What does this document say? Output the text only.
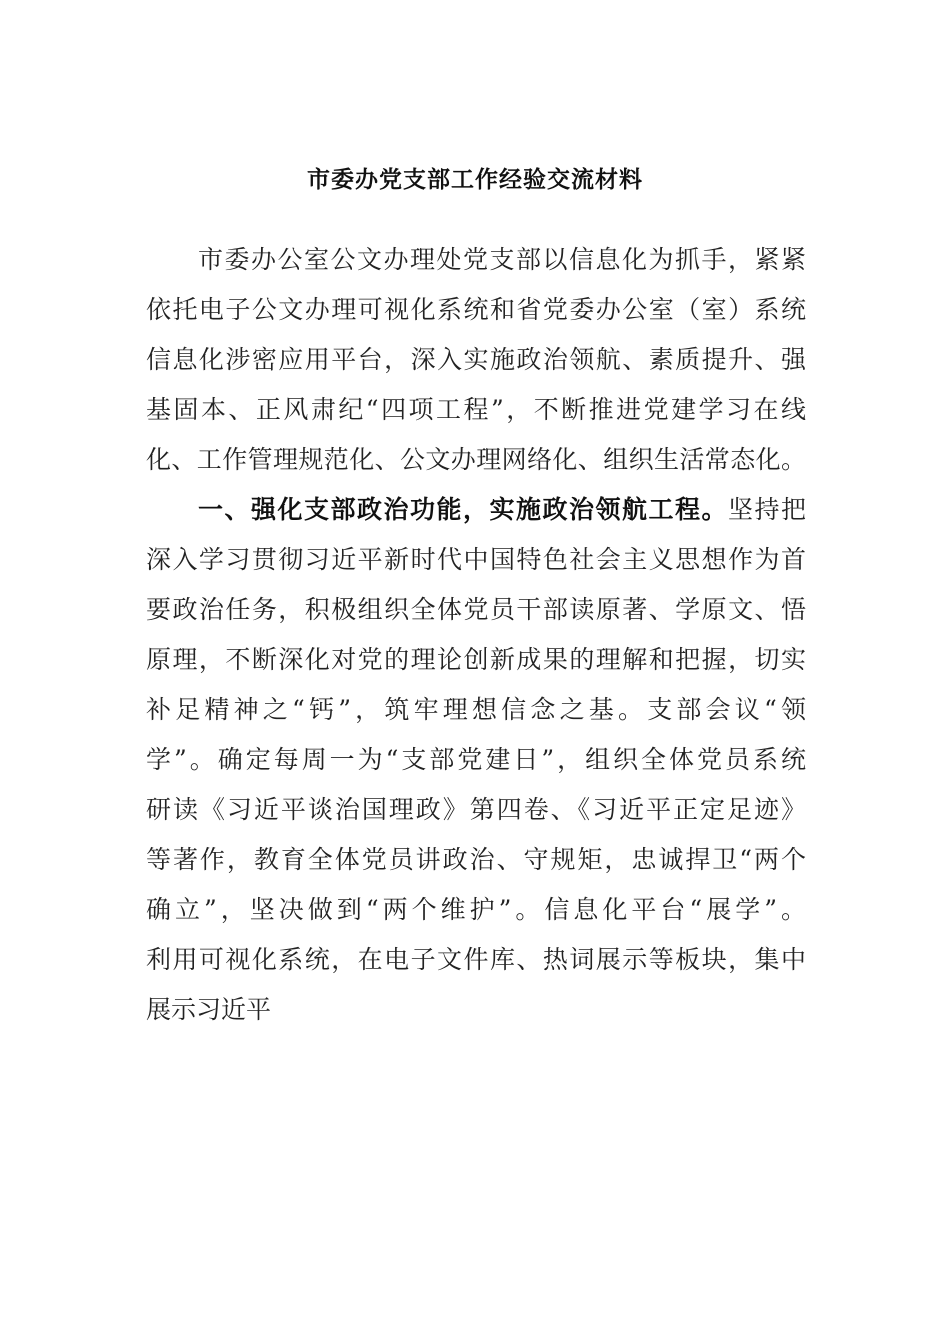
市委办党支部工作经验交流材料

市委办公室公文办理处党支部以信息化为抓手，紧紧

依托电子公文办理可视化系统和省党委办公室（室）系统

信息化涉密应用平台，深入实施政治领航、素质提升、强

基固本、正风肃纪“四项工程”，不断推进党建学习在线

化、工作管理规范化、公文办理网络化、组织生活常态化。

一、强化支部政治功能，实施政治领航工程。坚持把

深入学习贯彻习近平新时代中国特色社会主义思想作为首

要政治任务，积极组织全体党员干部读原著、学原文、悟

原理，不断深化对党的理论创新成果的理解和把握，切实

补足精神之“钙”，筑牢理想信念之基。支部会议“领

学”。确定每周一为“支部党建日”，组织全体党员系统

研读《习近平谈治国理政》第四卷、《习近平正定足迹》

等著作，教育全体党员讲政治、守规矩，忠诚捍卫“两个

确立”，坚决做到“两个维护”。信息化平台“展学”。

利用可视化系统，在电子文件库、热词展示等板块，集中

展示习近平
